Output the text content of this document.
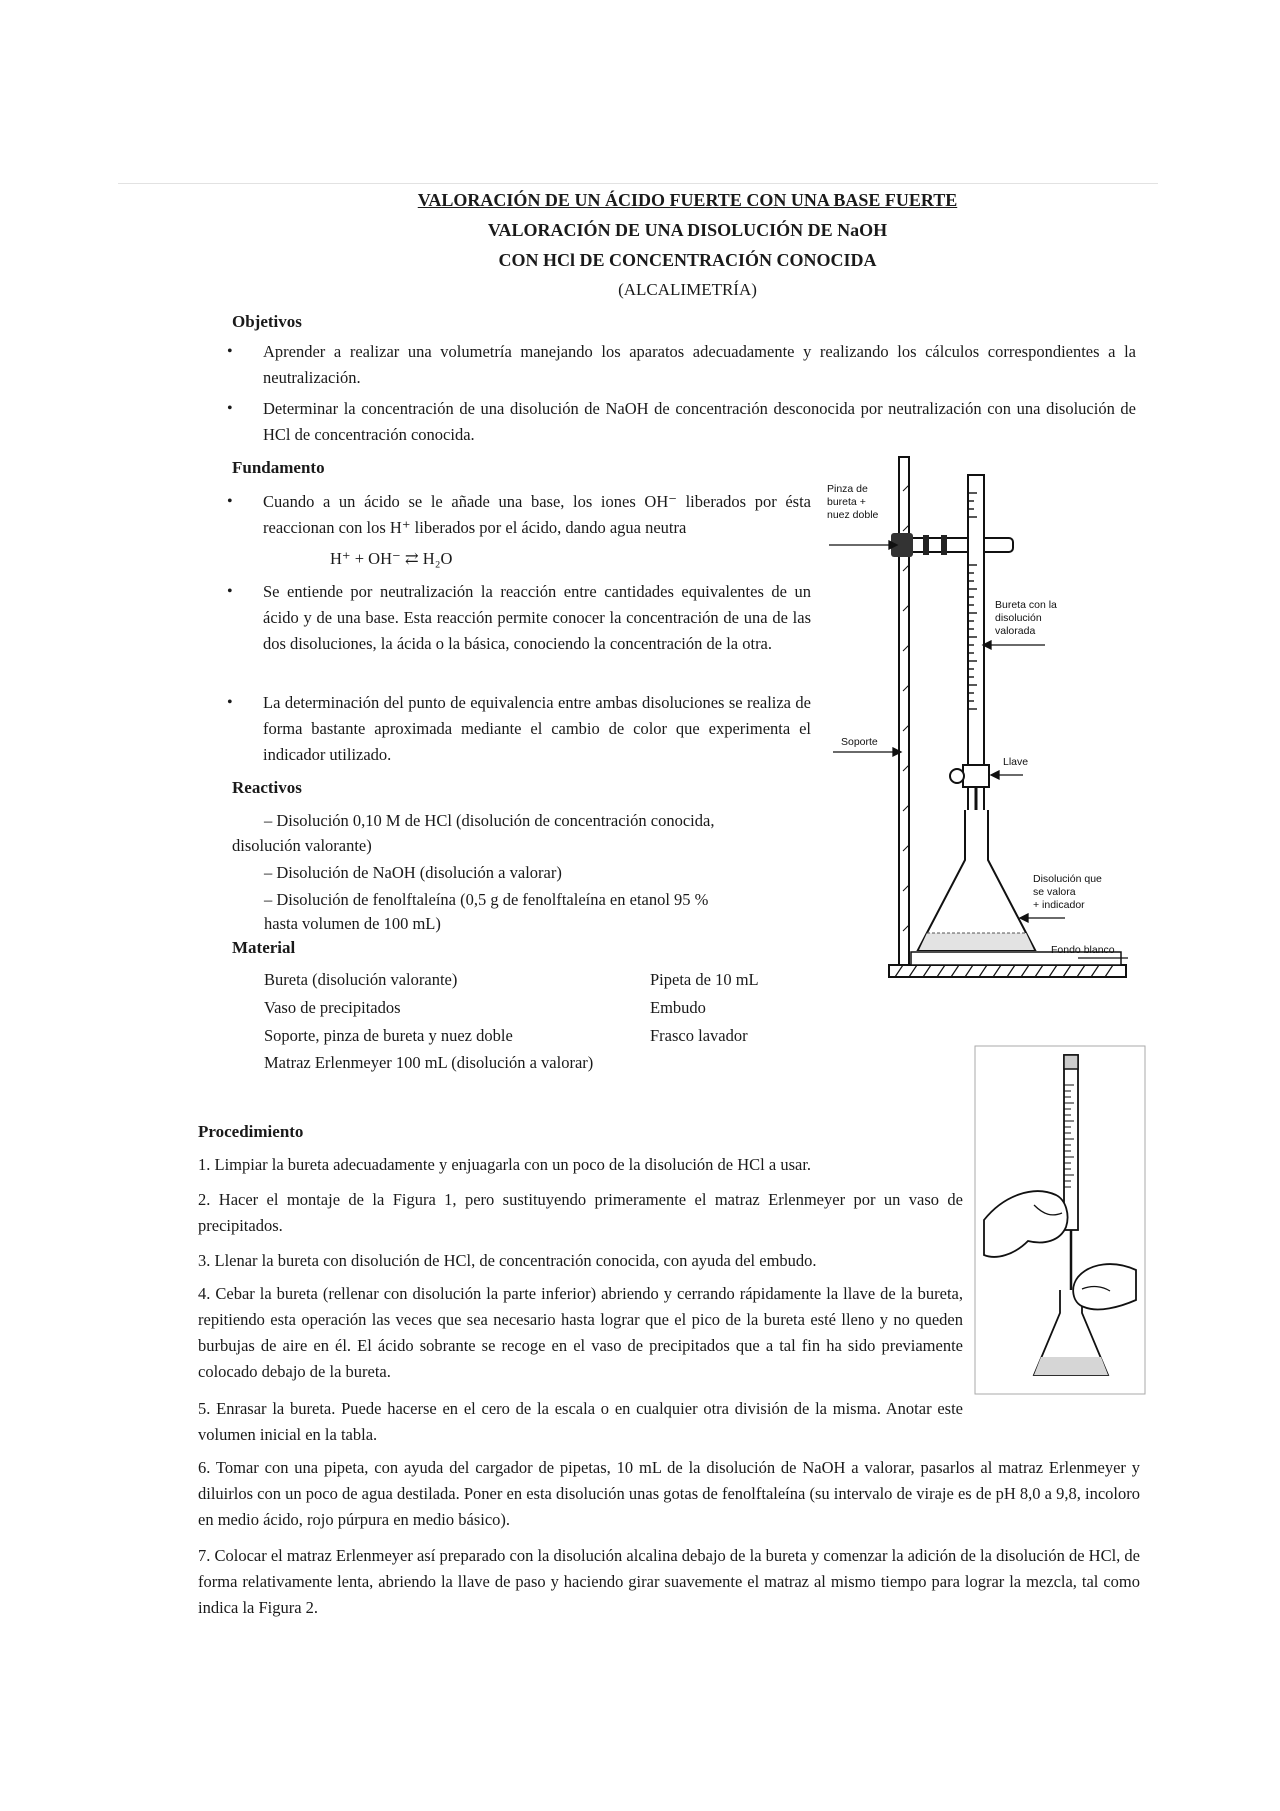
VALORACIÓN DE UN ÁCIDO FUERTE CON UNA BASE FUERTE
VALORACIÓN DE UNA DISOLUCIÓN DE NaOH
CON HCl DE CONCENTRACIÓN CONOCIDA
(ALCALIMETRÍA)
Objetivos
• Aprender a realizar una volumetría manejando los aparatos adecuadamente y realizando los cálculos correspondientes a la neutralización.
• Determinar la concentración de una disolución de NaOH de concentración desconocida por neutralización con una disolución de HCl de concentración conocida.
Fundamento
• Cuando a un ácido se le añade una base, los iones OH⁻ liberados por ésta reaccionan con los H⁺ liberados por el ácido, dando agua neutra
H⁺ + OH⁻ ⇄ H₂O
• Se entiende por neutralización la reacción entre cantidades equivalentes de un ácido y de una base. Esta reacción permite conocer la concentración de una de las dos disoluciones, la ácida o la básica, conociendo la concentración de la otra.
• La determinación del punto de equivalencia entre ambas disoluciones se realiza de forma bastante aproximada mediante el cambio de color que experimenta el indicador utilizado.
Reactivos
– Disolución 0,10 M de HCl (disolución de concentración conocida,
disolución valorante)
– Disolución de NaOH (disolución a valorar)
– Disolución de fenolftaleína (0,5 g de fenolftaleína en etanol 95 %
hasta volumen de 100 mL)
Material
Bureta (disolución valorante)
Vaso de precipitados
Soporte, pinza de bureta y nuez doble
Matraz Erlenmeyer 100 mL (disolución a valorar)
Pipeta de 10 mL
Embudo
Frasco lavador
Pinza de
bureta +
nuez doble
Bureta con la
disolución
valorada
Soporte
Llave
Disolución que
se valora
+ indicador
Fondo blanco
Procedimiento
1. Limpiar la bureta adecuadamente y enjuagarla con un poco de la disolución de HCl a usar.
2. Hacer el montaje de la Figura 1, pero sustituyendo primeramente el matraz Erlenmeyer por un vaso de precipitados.
3. Llenar la bureta con disolución de HCl, de concentración conocida, con ayuda del embudo.
4. Cebar la bureta (rellenar con disolución la parte inferior) abriendo y cerrando rápidamente la llave de la bureta, repitiendo esta operación las veces que sea necesario hasta lograr que el pico de la bureta esté lleno y no queden burbujas de aire en él. El ácido sobrante se recoge en el vaso de precipitados que a tal fin ha sido previamente colocado debajo de la bureta.
5. Enrasar la bureta. Puede hacerse en el cero de la escala o en cualquier otra división de la misma. Anotar este volumen inicial en la tabla.
6. Tomar con una pipeta, con ayuda del cargador de pipetas, 10 mL de la disolución de NaOH a valorar, pasarlos al matraz Erlenmeyer y diluirlos con un poco de agua destilada. Poner en esta disolución unas gotas de fenolftaleína (su intervalo de viraje es de pH 8,0 a 9,8, incoloro en medio ácido, rojo púrpura en medio básico).
7. Colocar el matraz Erlenmeyer así preparado con la disolución alcalina debajo de la bureta y comenzar la adición de la disolución de HCl, de forma relativamente lenta, abriendo la llave de paso y haciendo girar suavemente el matraz al mismo tiempo para lograr la mezcla, tal como indica la Figura 2.
